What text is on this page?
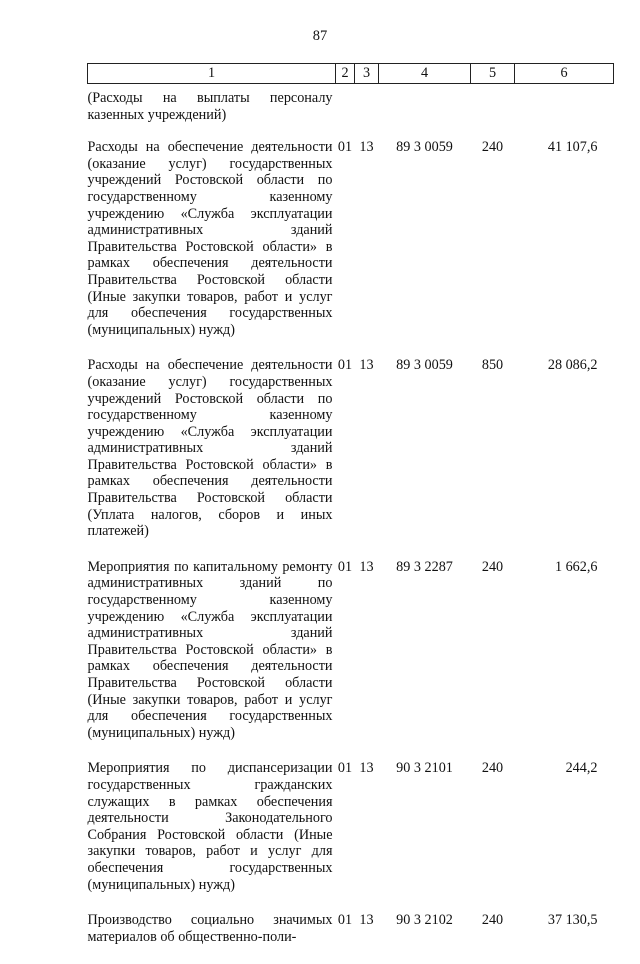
87
1	2	3	4	5	6
(Расходы на выплаты персоналу казенных учреждений)					
Расходы на обеспечение деятельности (оказание услуг) государственных учреждений Ростовской области по государственному казенному учреждению «Служба эксплуатации административных зданий Правительства Ростовской области» в рамках обеспечения деятельности Правительства Ростовской области (Иные закупки товаров, работ и услуг для обеспечения государственных (муниципальных) нужд)	01	13	89 3 0059	240	41 107,6
Расходы на обеспечение деятельности (оказание услуг) государственных учреждений Ростовской области по государственному казенному учреждению «Служба эксплуатации административных зданий Правительства Ростовской области» в рамках обеспечения деятельности Правительства Ростовской области (Уплата налогов, сборов и иных платежей)	01	13	89 3 0059	850	28 086,2
Мероприятия по капитальному ремонту административных зданий по государственному казенному учреждению «Служба эксплуатации административных зданий Правительства Ростовской области» в рамках обеспечения деятельности Правительства Ростовской области (Иные закупки товаров, работ и услуг для обеспечения государственных (муниципальных) нужд)	01	13	89 3 2287	240	1 662,6
Мероприятия по диспансеризации государственных гражданских служащих в рамках обеспечения деятельности Законодательного Собрания Ростовской области (Иные закупки товаров, работ и услуг для обеспечения государственных (муниципальных) нужд)	01	13	90 3 2101	240	244,2
Производство социально значимых материалов об общественно-поли-	01	13	90 3 2102	240	37 130,5
